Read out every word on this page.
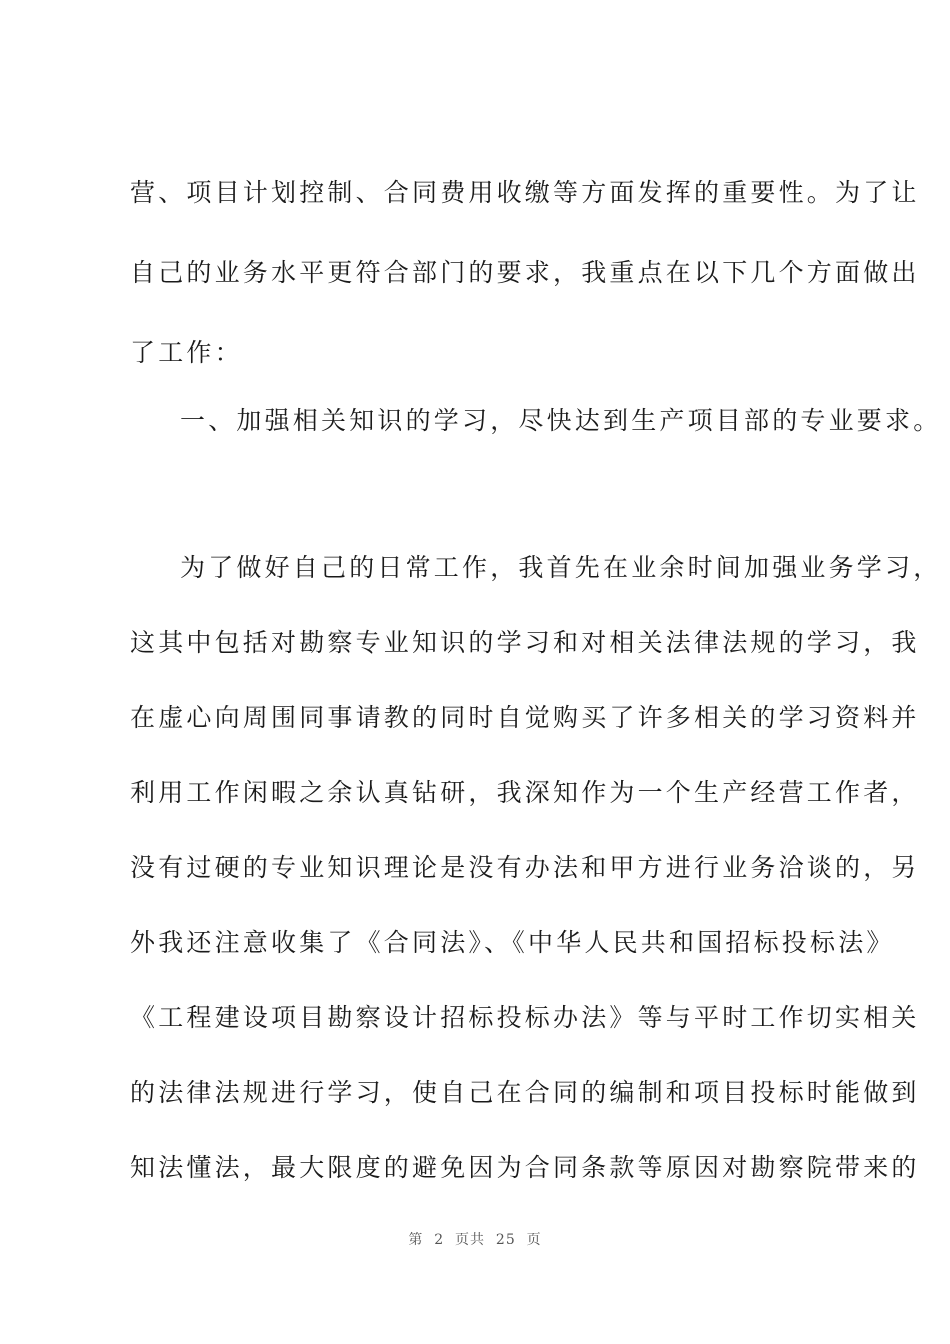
营、项目计划控制、合同费用收缴等方面发挥的重要性。为了让
自己的业务水平更符合部门的要求，我重点在以下几个方面做出
了工作：
一、加强相关知识的学习，尽快达到生产项目部的专业要求。
为了做好自己的日常工作，我首先在业余时间加强业务学习，
这其中包括对勘察专业知识的学习和对相关法律法规的学习，我
在虚心向周围同事请教的同时自觉购买了许多相关的学习资料并
利用工作闲暇之余认真钻研，我深知作为一个生产经营工作者，
没有过硬的专业知识理论是没有办法和甲方进行业务洽谈的，另
外我还注意收集了《合同法》、《中华人民共和国招标投标法》
《工程建设项目勘察设计招标投标办法》等与平时工作切实相关
的法律法规进行学习，使自己在合同的编制和项目投标时能做到
知法懂法，最大限度的避免因为合同条款等原因对勘察院带来的
第  2  页共  25  页
